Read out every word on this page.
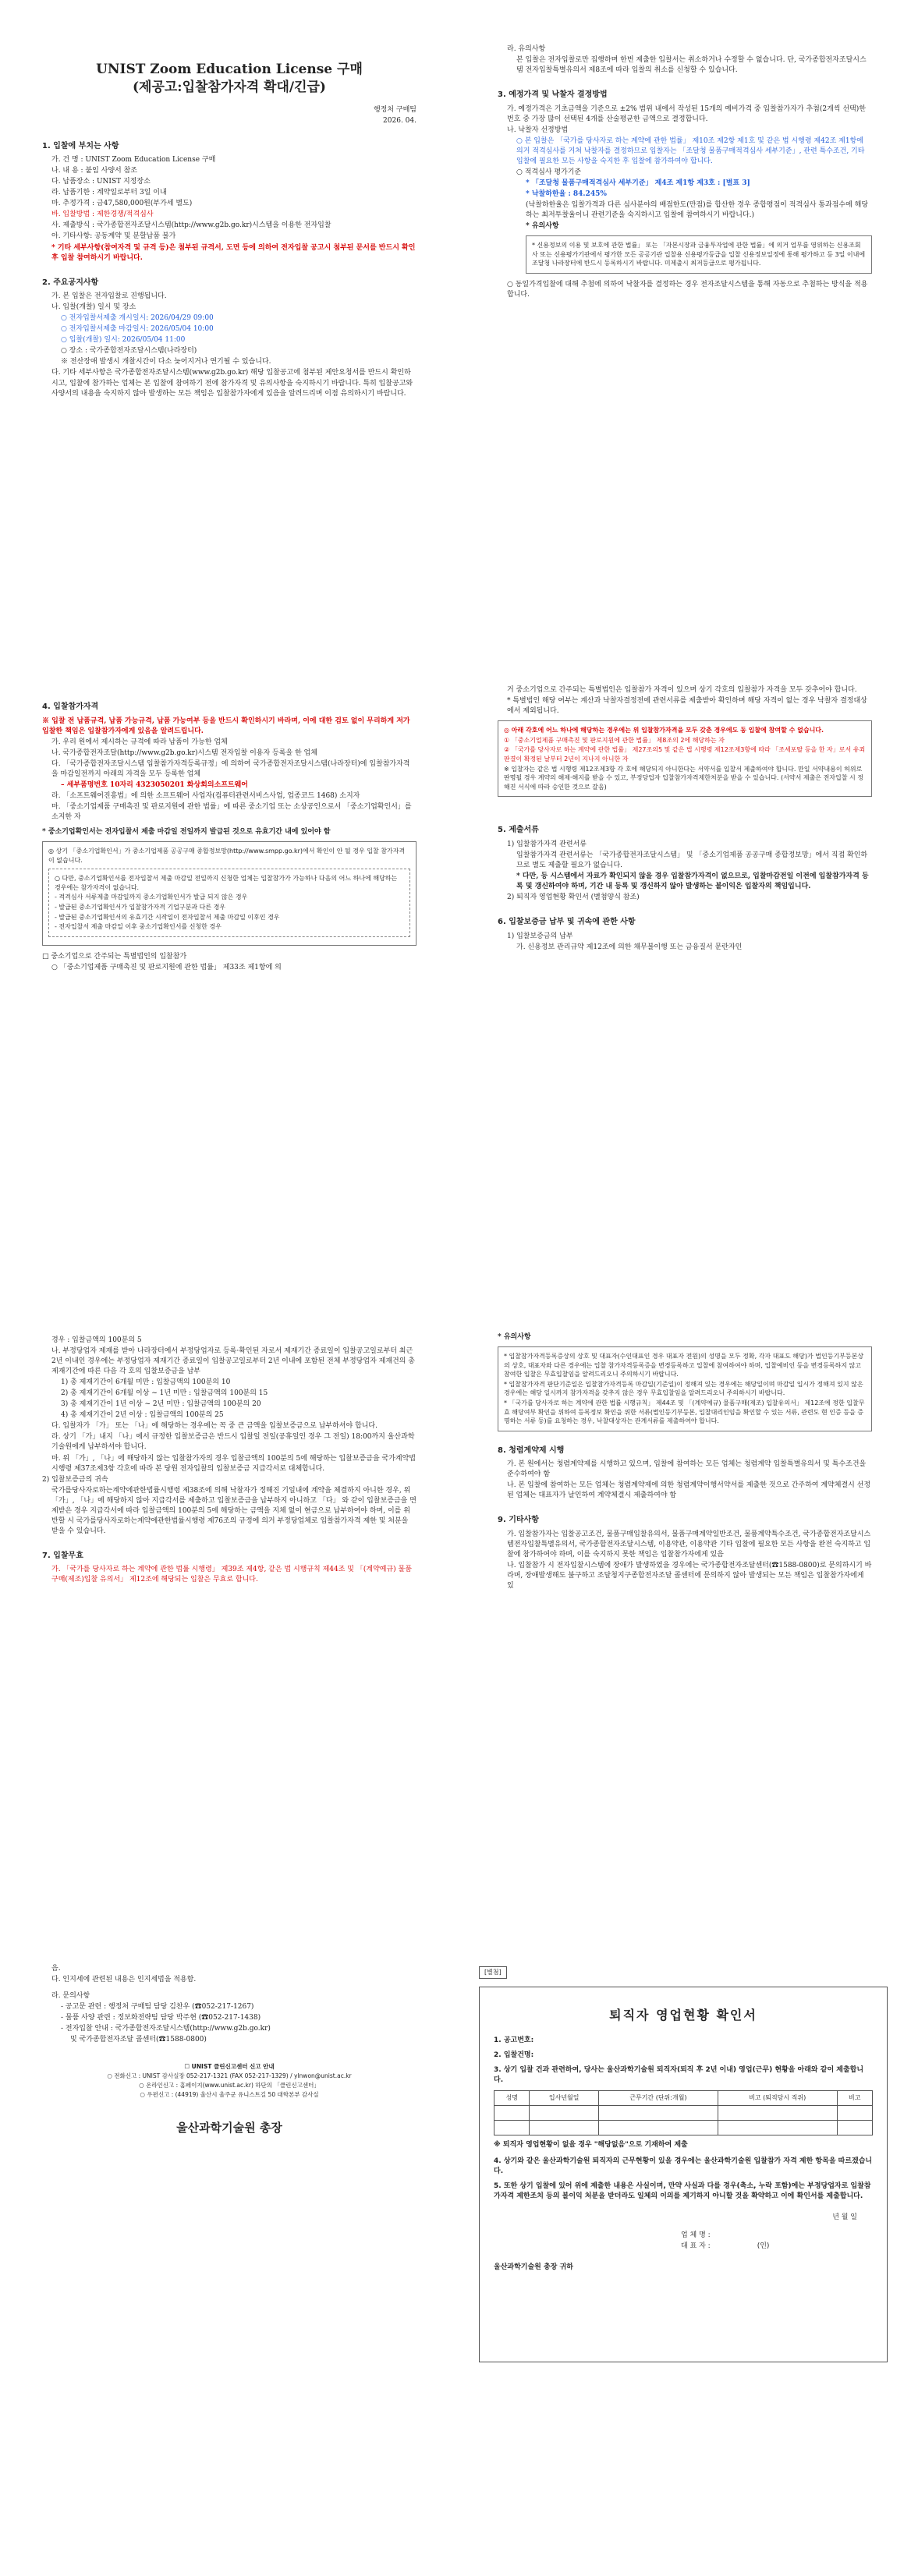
UNIST Zoom Education License 구매
(제공고:입찰참가자격 확대/긴급)
행정처 구매팀
2026. 04.
1. 입찰에 부치는 사항

가. 건 명 : UNIST Zoom Education License 구매

나. 내 용 : 붙임 사양서 참조

다. 납품장소 : UNIST 지정장소

라. 납품기한 : 계약일로부터 3일 이내

마. 추정가격 : 금47,580,000원(부가세 별도)

바. 입찰방법 : 제한경쟁/적격심사

사. 제출방식 : 국가종합전자조달시스템(http://www.g2b.go.kr)시스템을 이용한 전자입찰

아. 기타사항: 공동계약 및 분할납품 불가

* 기타 세부사항(참여자격 및 규격 등)은 첨부된 규격서, 도면 등에 의하여 전자입찰 공고시 첨부된 문서를 반드시 확인 후 입찰 참여하시기 바랍니다.

2. 주요공지사항

가. 본 입찰은 전자입찰로 진행됩니다.

나. 입찰(개찰) 일시 및 장소

○ 전자입찰서제출 개시일시: 2026/04/29 09:00

○ 전자입찰서제출 마감일시: 2026/05/04 10:00

○ 입찰(개찰) 일시: 2026/05/04 11:00

○ 장소 : 국가종합전자조달시스템(나라장터)

※ 전산장애 발생시 개찰시간이 다소 늦어지거나 연기될 수 있습니다.

다. 기타 세부사항은 국가종합전자조달시스템(www.g2b.go.kr) 해당 입찰공고에 첨부된 제안요청서를 반드시 확인하시고, 입찰에 참가하는 업체는 본 입찰에 참여하기 전에 참가자격 및 유의사항을 숙지하시기 바랍니다. 특히 입찰공고와 사양서의 내용을 숙지하지 않아 발생하는 모든 책임은 입찰참가자에게 있음을 알려드리며 이점 유의하시기 바랍니다.

라. 유의사항

본 입찰은 전자입찰로만 집행하며 한번 제출한 입찰서는 취소하거나 수정할 수 없습니다. 단, 국가종합전자조달시스템 전자입찰특별유의서 제8조에 따라 입찰의 취소를 신청할 수 있습니다.

3. 예정가격 및 낙찰자 결정방법

가. 예정가격은 기초금액을 기준으로 ±2% 범위 내에서 작성된 15개의 예비가격 중 입찰참가자가 추첨(2개씩 선택)한 번호 중 가장 많이 선택된 4개를 산술평균한 금액으로 결정합니다.

나. 낙찰자 선정방법

○ 본 입찰은 「국가를 당사자로 하는 계약에 관한 법률」 제10조 제2항 제1호 및 같은 법 시행령 제42조 제1항에 의거 적격심사를 거쳐 낙찰자를 결정하므로 입찰자는 「조달청 물품구매적격심사 세부기준」, 관련 특수조건, 기타 입찰에 필요한 모든 사항을 숙지한 후 입찰에 참가하여야 합니다.

○ 적격심사 평가기준

* 「조달청 물품구매적격심사 세부기준」 제4조 제1항 제3호 : [별표 3]

* 낙찰하한율 : 84.245%

(낙찰하한율은 입찰가격과 다른 심사분야의 배점한도(만점)를 합산한 경우 종합평점이 적격심사 통과점수에 해당하는 최저투찰율이니 관련기준을 숙지하시고 입찰에 참여하시기 바랍니다.)

* 유의사항

* 신용정보의 이용 및 보호에 관한 법률」 또는 「자본시장과 금융투자업에 관한 법률」에 의거 업무를 영위하는 신용조회사 또는 신용평가기관에서 평가한 모든 공공기관 입찰용 신용평가등급을 입찰 신용정보일정에 통해 평가하고 등 3일 이내에 조달청 나라장터에 반드시 등록하시기 바랍니다. 미제출시 최저등급으로 평가됩니다.

○ 동일가격입찰에 대해 추첨에 의하여 낙찰자를 결정하는 경우 전자조달시스템을 통해 자동으로 추첨하는 방식을 적용합니다.

4. 입찰참가자격

※ 입찰 전 납품규격, 납품 가능규격, 납품 가능여부 등을 반드시 확인하시기 바라며, 이에 대한 검토 없이 무리하게 저가입찰한 책임은 입찰참가자에게 있음을 알려드립니다.

가. 우리 원에서 제시하는 규격에 따라 납품이 가능한 업체

나. 국가종합전자조달(http://www.g2b.go.kr)시스템 전자입찰 이용자 등록을 한 업체

다. 「국가종합전자조달시스템 입찰참가자격등록규정」에 의하여 국가종합전자조달시스템(나라장터)에 입찰참가자격을 마감일전까지 아래의 자격을 모두 등록한 업체

– 세부품명번호 10자리 4323050201 화상회의소프트웨어

라. 「소프트웨어진흥법」에 의한 소프트웨어 사업자(컴퓨터관련서비스사업, 업종코드 1468) 소지자

마. 「중소기업제품 구매촉진 및 판로지원에 관한 법률」에 따른 중소기업 또는 소상공인으로서 「중소기업확인서」를 소지한 자

* 중소기업확인서는 전자입찰서 제출 마감일 전일까지 발급된 것으로 유효기간 내에 있어야 함

◎ 상기 「중소기업확인서」가 중소기업제품 공공구매 종합정보망(http://www.smpp.go.kr)에서 확인이 안 될 경우 입찰 참가자격이 없습니다.

○ 다만, 중소기업확인서를 전자입찰서 제출 마감일 전일까지 신청한 업체는 입찰참가가 가능하나 다음의 어느 하나에 해당하는 경우에는 참가자격이 없습니다.

- 적격심사 서류제출 마감일까지 중소기업확인서가 발급 되지 않은 경우

- 발급된 중소기업확인서가 입찰참가자격 기업구분과 다른 경우

- 발급된 중소기업확인서의 유효기간 시작일이 전자입찰서 제출 마감일 이후인 경우

- 전자입찰서 제출 마감일 이후 중소기업확인서를 신청한 경우

□ 중소기업으로 간주되는 특별법인의 입찰참가

○ 「중소기업제품 구매촉진 및 판로지원에 관한 법률」 제33조 제1항에 의

거 중소기업으로 간주되는 특별법인은 입찰참가 자격이 있으며 상기 각호의 입찰참가 자격을 모두 갖추어야 합니다.

* 특별법인 해당 여부는 계산과 낙찰자결정전에 관련서류를 제출받아 확인하며 해당 자격이 없는 경우 낙찰자 결정대상에서 제외됩니다.

◎ 아래 각호에 어느 하나에 해당하는 경우에는 위 입찰참가자격을 모두 갖춘 경우에도 동 입찰에 참여할 수 없습니다.

① 「중소기업제품 구매촉진 및 판로지원에 관한 법률」 제8조의 2에 해당하는 자

② 「국가를 당사자로 하는 계약에 관한 법률」 제27조의5 및 같은 법 시행령 제12조제3항에 따라 「조세포탈 등을 한 자」로서 유죄판결이 확정된 날부터 2년이 지나지 아니한 자

※ 입찰자는 같은 법 시행령 제12조제3항 각 호에 해당되지 아니한다는 서약서를 입찰서 제출하여야 합니다. 만일 서약내용이 허위로 판명될 경우 계약의 해제·해지를 받을 수 있고, 부정당업자 입찰참가자격제한처분을 받을 수 있습니다. (서약서 제출은 전자입찰 시 정해진 서식에 따라 승인한 것으로 갈음)

5. 제출서류

1) 입찰참가자격 관련서류

입찰참가자격 관련서류는 「국가종합전자조달시스템」 및 「중소기업제품 공공구매 종합정보망」에서 직접 확인하므로 별도 제출할 필요가 없습니다.

* 다만, 등 시스템에서 자료가 확인되지 않을 경우 입찰참가자격이 없으므로, 입찰마감전일 이전에 입찰참가자격 등록 및 갱신하여야 하며, 기간 내 등록 및 갱신하지 않아 발생하는 불이익은 입찰자의 책임입니다.

2) 퇴직자 영업현황 확인서 (별첨양식 참조)

6. 입찰보증금 납부 및 귀속에 관한 사항

1) 입찰보증금의 납부

가. 신용정보 관리규약 제12조에 의한 채무불이행 또는 금융질서 문란자인

경우 : 입찰금액의 100분의 5

나. 부정당업자 제재를 받아 나라장터에서 부정당업자로 등록·확인된 자로서 제재기간 종료일이 입찰공고일로부터 최근 2년 이내인 경우에는 부정당업자 제재기간 종료일이 입찰공고일로부터 2년 이내에 포함된 전체 부정당업자 제재건의 총제재기간에 따른 다음 각 호의 입찰보증금을 납부

1) 총 제재기간이 6개월 미만 : 입찰금액의 100분의 10

2) 총 제재기간이 6개월 이상 ~ 1년 미만 : 입찰금액의 100분의 15

3) 총 제재기간이 1년 이상 ~ 2년 미만 : 입찰금액의 100분의 20

4) 총 제재기간이 2년 이상 : 입찰금액의 100분의 25

다. 입찰자가 「가」 또는 「나」에 해당하는 경우에는 꼭 중 큰 금액을 입찰보증금으로 납부하셔야 합니다.

라. 상기 「가」내지 「나」에서 규정한 입찰보증금은 반드시 입찰일 전일(공휴일인 경우 그 전일) 18:00까지 울산과학기술원에게 납부하셔야 합니다.

마. 위 「가」, 「나」에 해당하지 않는 입찰참가자의 경우 입찰금액의 100분의 5에 해당하는 입찰보증금을 국가계약법시행령 제37조제3항 각호에 따라 본 당원 전자입찰의 입찰보증금 지급각서로 대체합니다.

2) 입찰보증금의 귀속

국가를당사자로하는계약에관한법률시행령 제38조에 의해 낙찰자가 정해진 기일내에 계약을 체결하지 아니한 경우, 위 「가」, 「나」에 해당하지 않아 지급각서를 제출하고 입찰보증금을 납부하지 아니하고 「다」 와 같이 입찰보증금을 면제받은 경우 지급각서에 따라 입찰금액의 100분의 5에 해당하는 금액을 지체 없이 현금으로 납부하여야 하며, 이를 위반할 시 국가를당사자로하는계약에관한법률시행령 제76조의 규정에 의거 부정당업체로 입찰참가자격 제한 및 처분을 받을 수 있습니다.

7. 입찰무효

가. 「국가를 당사자로 하는 계약에 관한 법률 시행령」 제39조 제4항, 같은 법 시행규칙 제44조 및 「(계약예규) 물품구매(제조)입찰 유의서」 제12조에 해당되는 입찰은 무효로 합니다.

* 유의사항

* 입찰참가자격등록증상의 상호 및 대표자(수인대표인 경우 대표자 전원)의 성명을 모두 정확, 각자 대표도 해당)가 법인등기부등본상의 상호, 대표자와 다른 경우에는 입찰 참가자격등록증을 변경등록하고 입찰에 참여하여야 하며, 입찰예비인 등을 변경등록하지 않고 참여한 입찰은 무효입찰임을 알려드리오니 주의하시기 바랍니다.

* 입찰참가자격 판단기준일은 입찰참가자격등록 마감일(기준일)이 정해져 있는 경우에는 해당일이며 마감일 입시가 정해져 있지 않은 경우에는 해당 일시까지 참가자격을 갖추지 않은 경우 무효입찰임을 알려드리오니 주의하시기 바랍니다.

* 「국가를 당사자로 하는 계약에 관한 법률 시행규칙」 제44조 및 「(계약예규) 물품구매(제조) 입찰유의서」 제12조에 정한 입찰무효 해당여부 확인을 위하여 등록정보 확인을 위한 서류(법인등기부등본, 입찰대리인임을 확인할 수 있는 서류, 관련도 현 인증 등을 증명하는 서류 등)를 요청하는 경우, 낙찰대상자는 관계서류를 제출하여야 합니다.

8. 청렴계약제 시행

가. 본 원에서는 청렴계약제를 시행하고 있으며, 입찰에 참여하는 모든 업체는 청렴계약 입찰특별유의서 및 특수조건을 준수하여야 함

나. 본 입찰에 참여하는 모든 업체는 청렴계약제에 의한 청렴계약이행서약서를 제출한 것으로 간주하여 계약체결시 선정된 업체는 대표자가 날인하여 계약체결시 제출하여야 함

9. 기타사항

가. 입찰참가자는 입찰공고조건, 물품구매입찰유의서, 물품구매계약일반조건, 물품계약특수조건, 국가종합전자조달시스템전자입찰특별유의서, 국가종합전자조달시스템, 이용약관, 이용약관 기타 입찰에 필요한 모든 사항을 완전 숙지하고 입찰에 참가하여야 하며, 이를 숙지하지 못한 책임은 입찰참가자에게 있음

나. 입찰참가 시 전자입찰시스템에 장애가 발생하였을 경우에는 국가종합전자조달센터(☎1588-0800)로 문의하시기 바라며, 장애발생해도 불구하고 조달청지구종합전자조달 콜센터에 문의하지 않아 발생되는 모든 책임은 입찰참가자에게 있

음.

다. 인지세에 관련된 내용은 인지세법을 적용함.

라. 문의사항

- 공고문 관련 : 행정처 구매팀 담당 김찬우 (☎052-217-1267)

- 물품 사양 관련 : 정보화전략팀 담당 박주현 (☎052-217-1438)

- 전자입찰 안내 : 국가종합전자조달시스템(http://www.g2b.go.kr)

및 국가종합전자조달 콜센터(☎1588-0800)

☐ UNIST 클린신고센터 신고 안내
○ 전화신고 : UNIST 감사실장 052-217-1321 (FAX 052-217-1329) / ylnwon@unist.ac.kr
○ 온라인신고 : 홈페이지(www.unist.ac.kr) 하단의 「클린신고센터」
○ 우편신고 : (44919) 울산시 울주군 유니스트길 50 대학본부 감사실
울산과학기술원 총장
[별첨]
퇴직자 영업현황 확인서

1. 공고번호:

2. 입찰건명:

3. 상기 입찰 건과 관련하여, 당사는 울산과학기술원 퇴직자(퇴직 후 2년 이내) 영업(근무) 현황을 아래와 같이 제출합니다.

성명	입사년월일	근무기간 (단위:개월)	비고 (퇴직당시 직위)	비고

※ 퇴직자 영업현황이 없을 경우 "해당없음"으로 기재하여 제출

4. 상기와 같은 울산과학기술원 퇴직자의 근무현황이 있을 경우에는 울산과학기술원 입찰참가 자격 제한 항목을 따르겠습니다.

5. 또한 상기 입찰에 있어 위에 제출한 내용은 사실이며, 만약 사실과 다를 경우(축소, 누락 포함)에는 부정당업자로 입찰참가자격 제한조치 등의 불이익 처분을 받더라도 일체의 이의를 제기하지 아니할 것을 확약하고 이에 확인서를 제출합니다.

년 월 일

업 체 명 :

대 표 자 :	(인)

울산과학기술원 총장 귀하
